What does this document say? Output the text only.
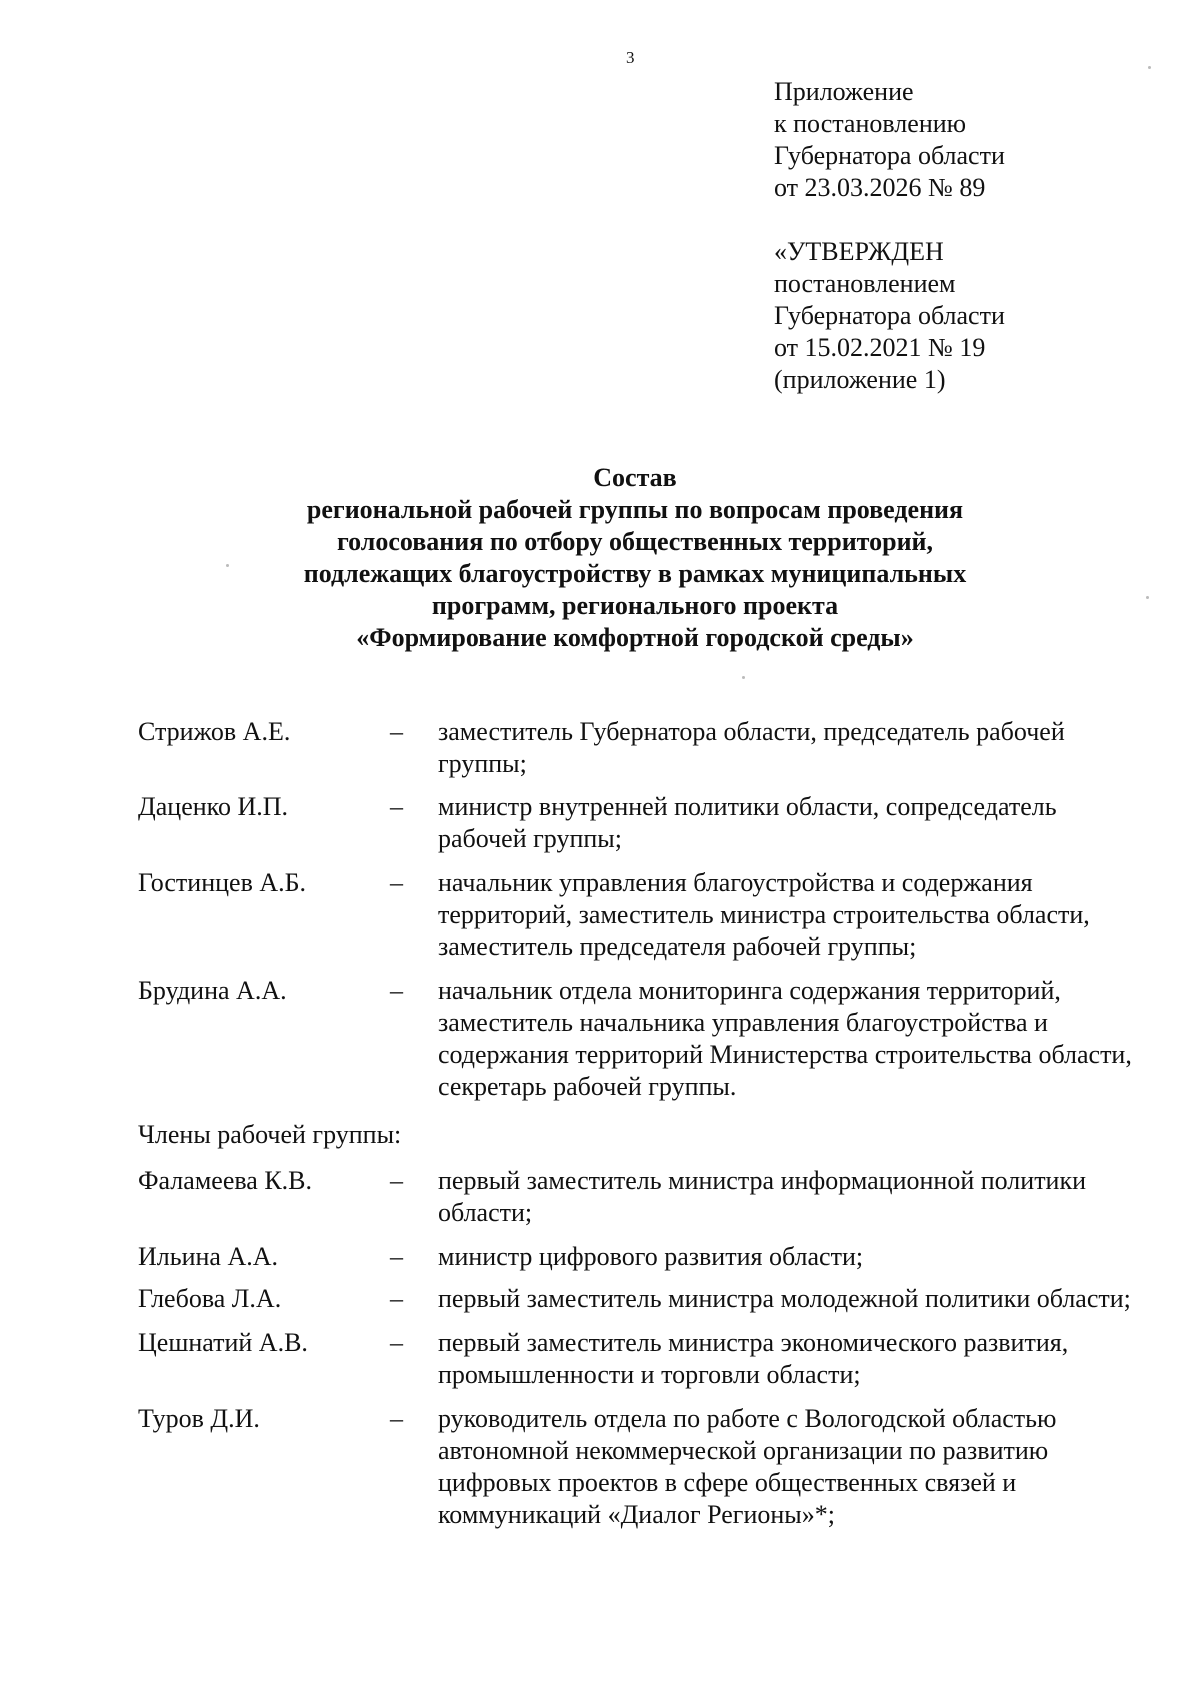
3
Приложение
к постановлению
Губернатора области
от 23.03.2026 № 89
«УТВЕРЖДЕН
постановлением
Губернатора области
от 15.02.2021 № 19
(приложение 1)
Состав
региональной рабочей группы по вопросам проведения
голосования по отбору общественных территорий,
подлежащих благоустройству в рамках муниципальных
программ, регионального проекта
«Формирование комфортной городской среды»
Стрижов А.Е.	–	заместитель Губернатора области, председатель рабочей группы;
Даценко И.П.	–	министр внутренней политики области, сопредседатель рабочей группы;
Гостинцев А.Б.	–	начальник управления благоустройства и содержания территорий, заместитель министра строительства области, заместитель председателя рабочей группы;
Брудина А.А.	–	начальник отдела мониторинга содержания территорий, заместитель начальника управления благоустройства и содержания территорий Министерства строительства области, секретарь рабочей группы.
Члены рабочей группы:
Фаламеева К.В.	–	первый заместитель министра информационной политики области;
Ильина А.А.	–	министр цифрового развития области;
Глебова Л.А.	–	первый заместитель министра молодежной политики области;
Цешнатий А.В.	–	первый заместитель министра экономического развития, промышленности и торговли области;
Туров Д.И.	–	руководитель отдела по работе с Вологодской областью автономной некоммерческой организации по развитию цифровых проектов в сфере общественных связей и коммуникаций «Диалог Регионы»*;
